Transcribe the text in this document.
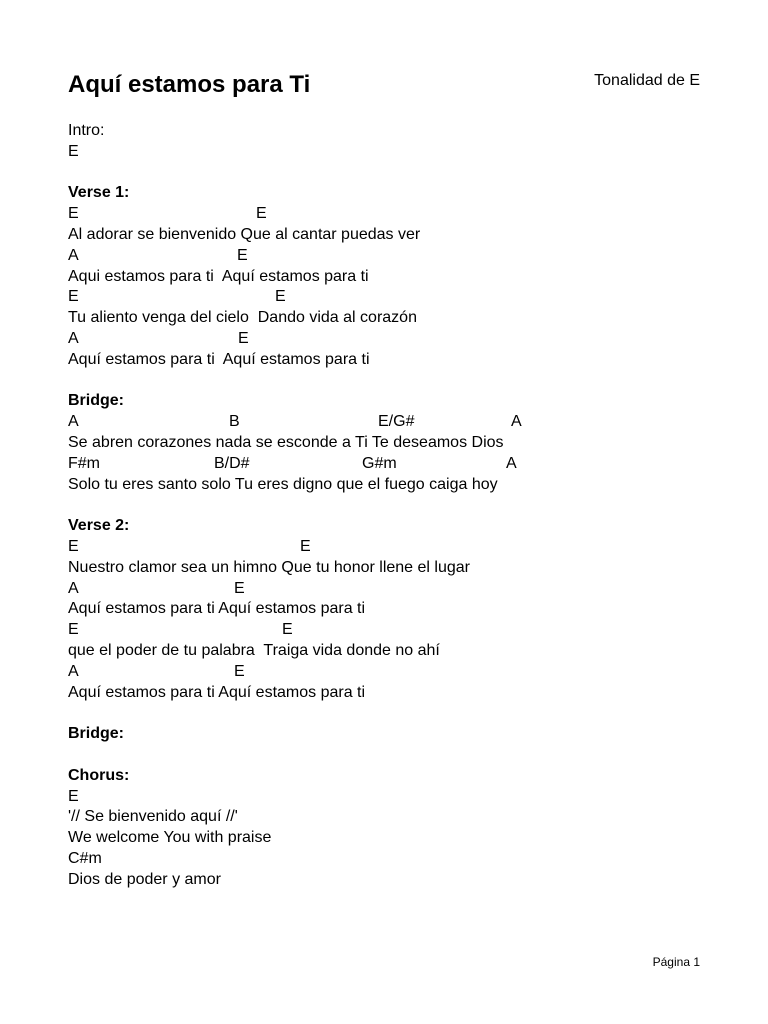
Aquí estamos para Ti	Tonalidad de E
Intro:
E
Verse 1:
E	E
Al adorar se bienvenido Que al cantar puedas ver
A	E
Aqui estamos para ti  Aquí estamos para ti
E	E
Tu aliento venga del cielo  Dando vida al corazón
A	E
Aquí estamos para ti  Aquí estamos para ti
Bridge:
A	B	E/G#	A
Se abren corazones nada se esconde a Ti Te deseamos Dios
F#m	B/D#	G#m	A
Solo tu eres santo solo Tu eres digno que el fuego caiga hoy
Verse 2:
E	E
Nuestro clamor sea un himno Que tu honor llene el lugar
A	E
Aquí estamos para ti Aquí estamos para ti
E	E
que el poder de tu palabra  Traiga vida donde no ahí
A	E
Aquí estamos para ti Aquí estamos para ti
Bridge:
Chorus:
E
'// Se bienvenido aquí //'
We welcome You with praise
C#m
Dios de poder y amor
Página 1
